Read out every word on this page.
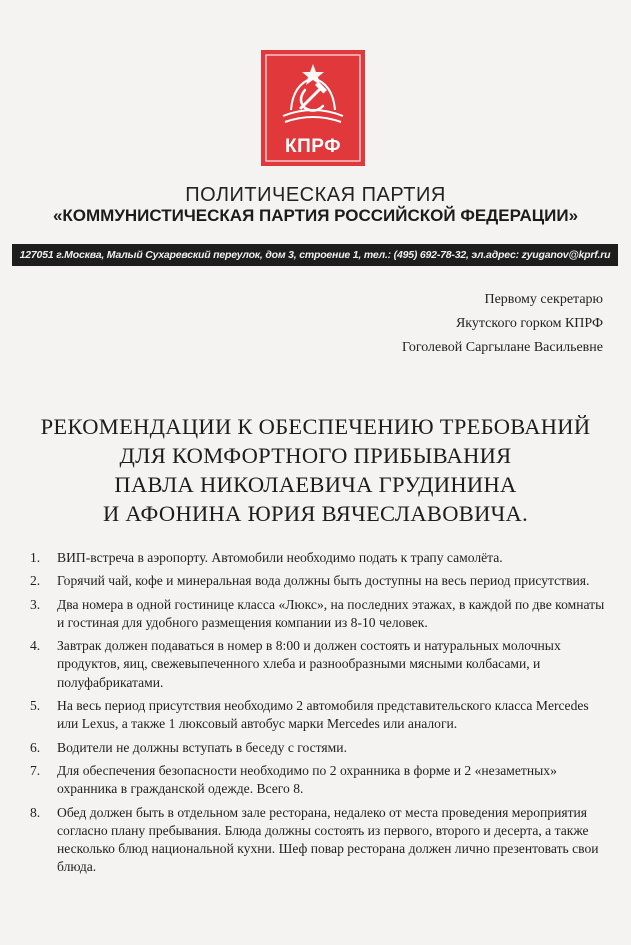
КПРФ
ПОЛИТИЧЕСКАЯ ПАРТИЯ
«КОММУНИСТИЧЕСКАЯ ПАРТИЯ РОССИЙСКОЙ ФЕДЕРАЦИИ»
127051 г.Москва, Малый Сухаревский переулок, дом 3, строение 1, тел.: (495) 692-78-32, эл.адрес: zyuganov@kprf.ru
Первому секретарю
Якутского горком КПРФ
Гоголевой Саргылане Васильевне
РЕКОМЕНДАЦИИ К ОБЕСПЕЧЕНИЮ ТРЕБОВАНИЙ
ДЛЯ КОМФОРТНОГО ПРИБЫВАНИЯ
ПАВЛА НИКОЛАЕВИЧА ГРУДИНИНА
И АФОНИНА ЮРИЯ ВЯЧЕСЛАВОВИЧА.
1.	ВИП-встреча в аэропорту. Автомобили необходимо подать к трапу самолёта.
2.	Горячий чай, кофе и минеральная вода должны быть доступны на весь период присутствия.
3.	Два номера в одной гостинице класса «Люкс», на последних этажах, в каждой по две комнаты и гостиная для удобного размещения компании из 8-10 человек.
4.	Завтрак должен подаваться в номер в 8:00 и должен состоять и натуральных молочных продуктов, яиц, свежевыпеченного хлеба и разнообразными мясными колбасами, и полуфабрикатами.
5.	На весь период присутствия необходимо 2 автомобиля представительского класса Mercedes или Lexus, а также 1 люксовый автобус марки Mercedes или аналоги.
6.	Водители не должны вступать в беседу с гостями.
7.	Для обеспечения безопасности необходимо по 2 охранника в форме и 2 «незаметных» охранника в гражданской одежде. Всего 8.
8.	Обед должен быть в отдельном зале ресторана, недалеко от места проведения мероприятия согласно плану пребывания. Блюда должны состоять из первого, второго и десерта, а также несколько блюд национальной кухни. Шеф повар ресторана должен лично презентовать свои блюда.
